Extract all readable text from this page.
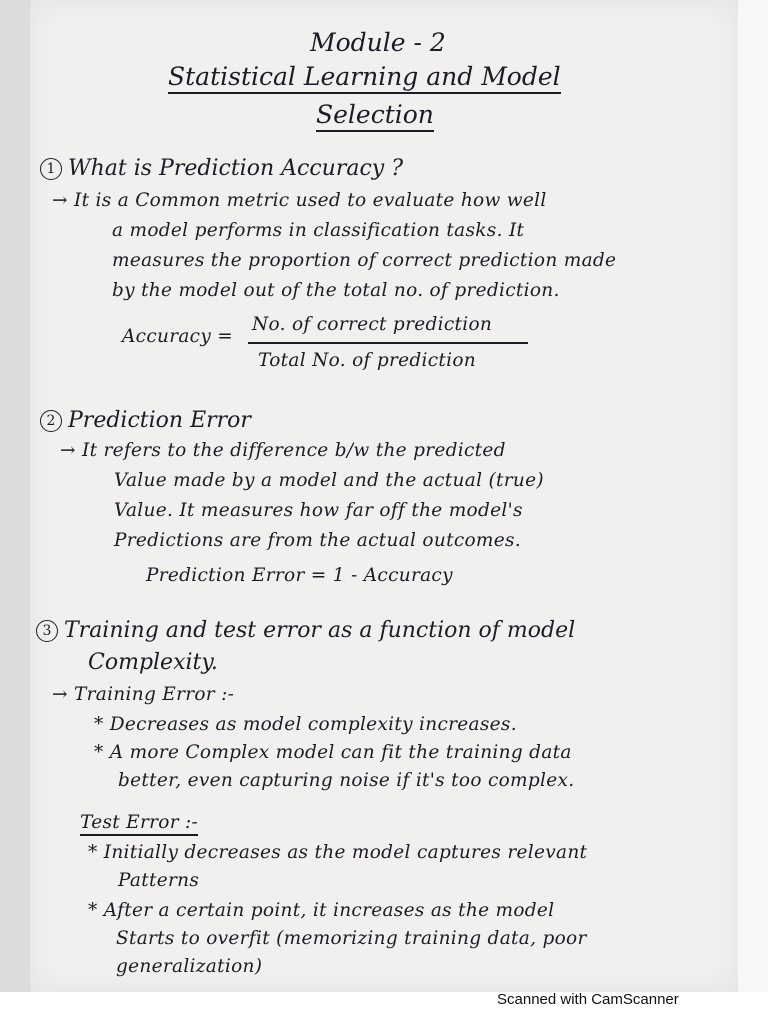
Module - 2
Statistical Learning and Model
Selection
1 What is Prediction Accuracy ?
→ It is a Common metric used to evaluate how well
a model performs in classification tasks. It
measures the proportion of correct prediction made
by the model out of the total no. of prediction.
Accuracy =
No. of correct prediction
Total No. of prediction
2 Prediction Error
→ It refers to the difference b/w the predicted
Value made by a model and the actual (true)
Value. It measures how far off the model's
Predictions are from the actual outcomes.
Prediction Error = 1 - Accuracy
3 Training and test error as a function of model
Complexity.
→ Training Error :-
* Decreases as model complexity increases.
* A more Complex model can fit the training data
better, even capturing noise if it's too complex.
Test Error :-
* Initially decreases as the model captures relevant
Patterns
* After a certain point, it increases as the model
Starts to overfit (memorizing training data, poor
generalization)
Scanned with CamScanner
